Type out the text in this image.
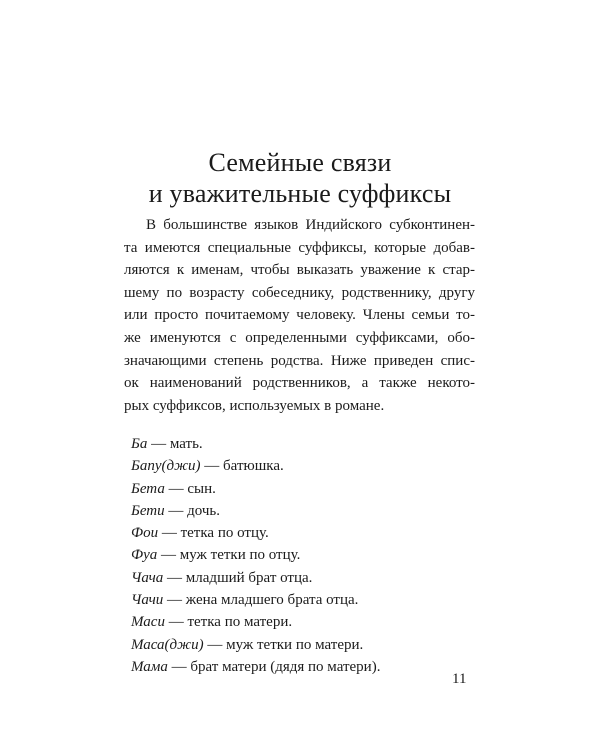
Семейные связи
и уважительные суффиксы

В большинстве языков Индийского субконтинен-
та имеются специальные суффиксы, которые добав-
ляются к именам, чтобы выказать уважение к стар-
шему по возрасту собеседнику, родственнику, другу
или просто почитаемому человеку. Члены семьи то-
же именуются с определенными суффиксами, обо-
значающими степень родства. Ниже приведен спис-
ок наименований родственников, а также некото-
рых суффиксов, используемых в романе.

Ба — мать.
Бапу(джи) — батюшка.
Бета — сын.
Бети — дочь.
Фои — тетка по отцу.
Фуа — муж тетки по отцу.
Чача — младший брат отца.
Чачи — жена младшего брата отца.
Маси — тетка по матери.
Маса(джи) — муж тетки по матери.
Мама — брат матери (дядя по матери).
11
